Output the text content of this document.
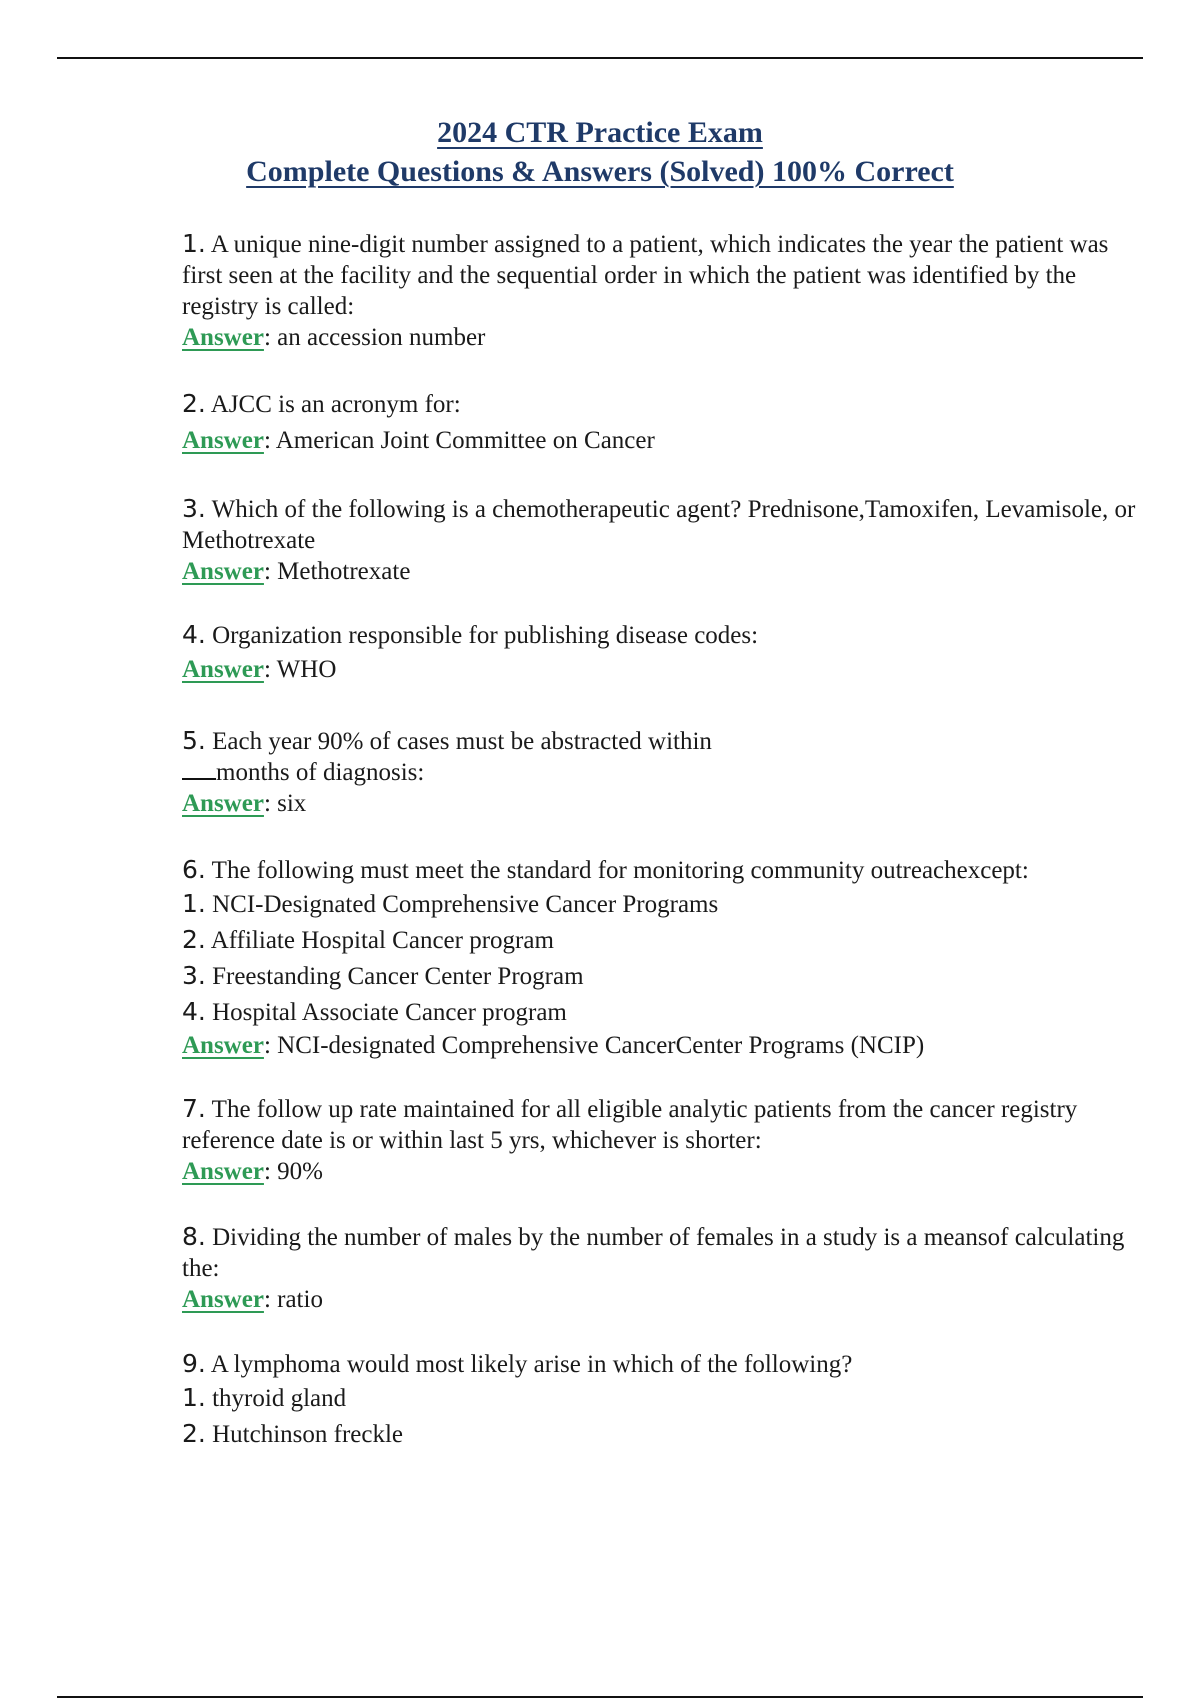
2024 CTR Practice Exam
Complete Questions & Answers (Solved) 100% Correct

1. A unique nine-digit number assigned to a patient, which indicates the year the patient was first seen at the facility and the sequential order in which the patient was identified by the registry is called:

Answer: an accession number

2. AJCC is an acronym for:

Answer: American Joint Committee on Cancer

3. Which of the following is a chemotherapeutic agent? Prednisone,Tamoxifen, Levamisole, or Methotrexate

Answer: Methotrexate

4. Organization responsible for publishing disease codes:

Answer: WHO

5. Each year 90% of cases must be abstracted within

months of diagnosis:

Answer: six

6. The following must meet the standard for monitoring community outreachexcept:

1. NCI-Designated Comprehensive Cancer Programs

2. Affiliate Hospital Cancer program

3. Freestanding Cancer Center Program

4. Hospital Associate Cancer program

Answer: NCI-designated Comprehensive CancerCenter Programs (NCIP)

7. The follow up rate maintained for all eligible analytic patients from the cancer registry reference date is or within last 5 yrs, whichever is shorter:

Answer: 90%

8. Dividing the number of males by the number of females in a study is a meansof calculating the:

Answer: ratio

9. A lymphoma would most likely arise in which of the following?

1. thyroid gland

2. Hutchinson freckle
